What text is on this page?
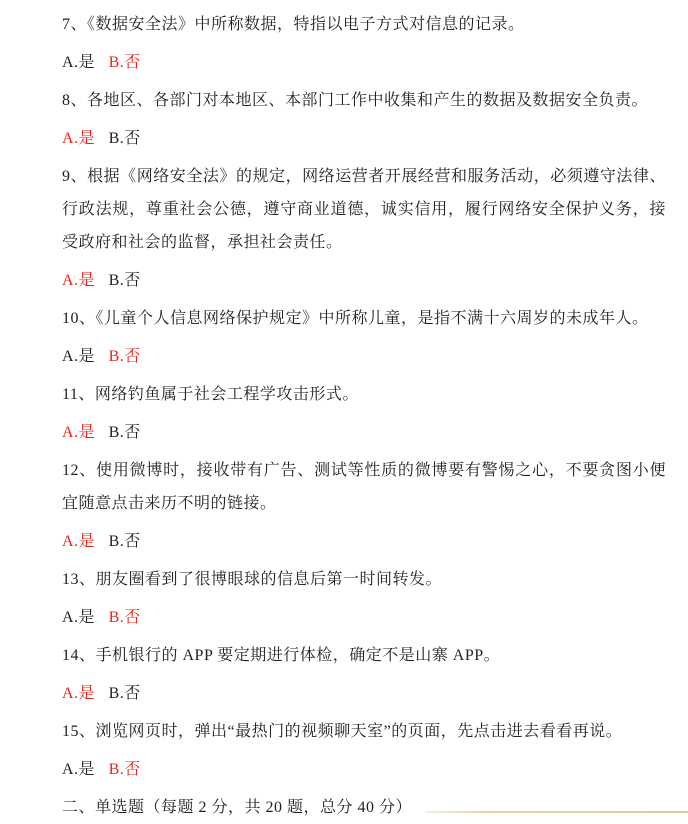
7、《数据安全法》中所称数据，特指以电子方式对信息的记录。

A.是 B.否

8、各地区、各部门对本地区、本部门工作中收集和产生的数据及数据安全负责。

A.是 B.否

9、根据《网络安全法》的规定，网络运营者开展经营和服务活动，必须遵守法律、行政法规，尊重社会公德，遵守商业道德，诚实信用，履行网络安全保护义务，接受政府和社会的监督，承担社会责任。

A.是 B.否

10、《儿童个人信息网络保护规定》中所称儿童，是指不满十六周岁的未成年人。

A.是 B.否

11、网络钓鱼属于社会工程学攻击形式。

A.是 B.否

12、使用微博时，接收带有广告、测试等性质的微博要有警惕之心，不要贪图小便宜随意点击来历不明的链接。

A.是 B.否

13、朋友圈看到了很博眼球的信息后第一时间转发。

A.是 B.否

14、手机银行的 APP 要定期进行体检，确定不是山寨 APP。

A.是 B.否

15、浏览网页时，弹出“最热门的视频聊天室”的页面，先点击进去看看再说。

A.是 B.否

二、单选题（每题 2 分，共 20 题，总分 40 分）
